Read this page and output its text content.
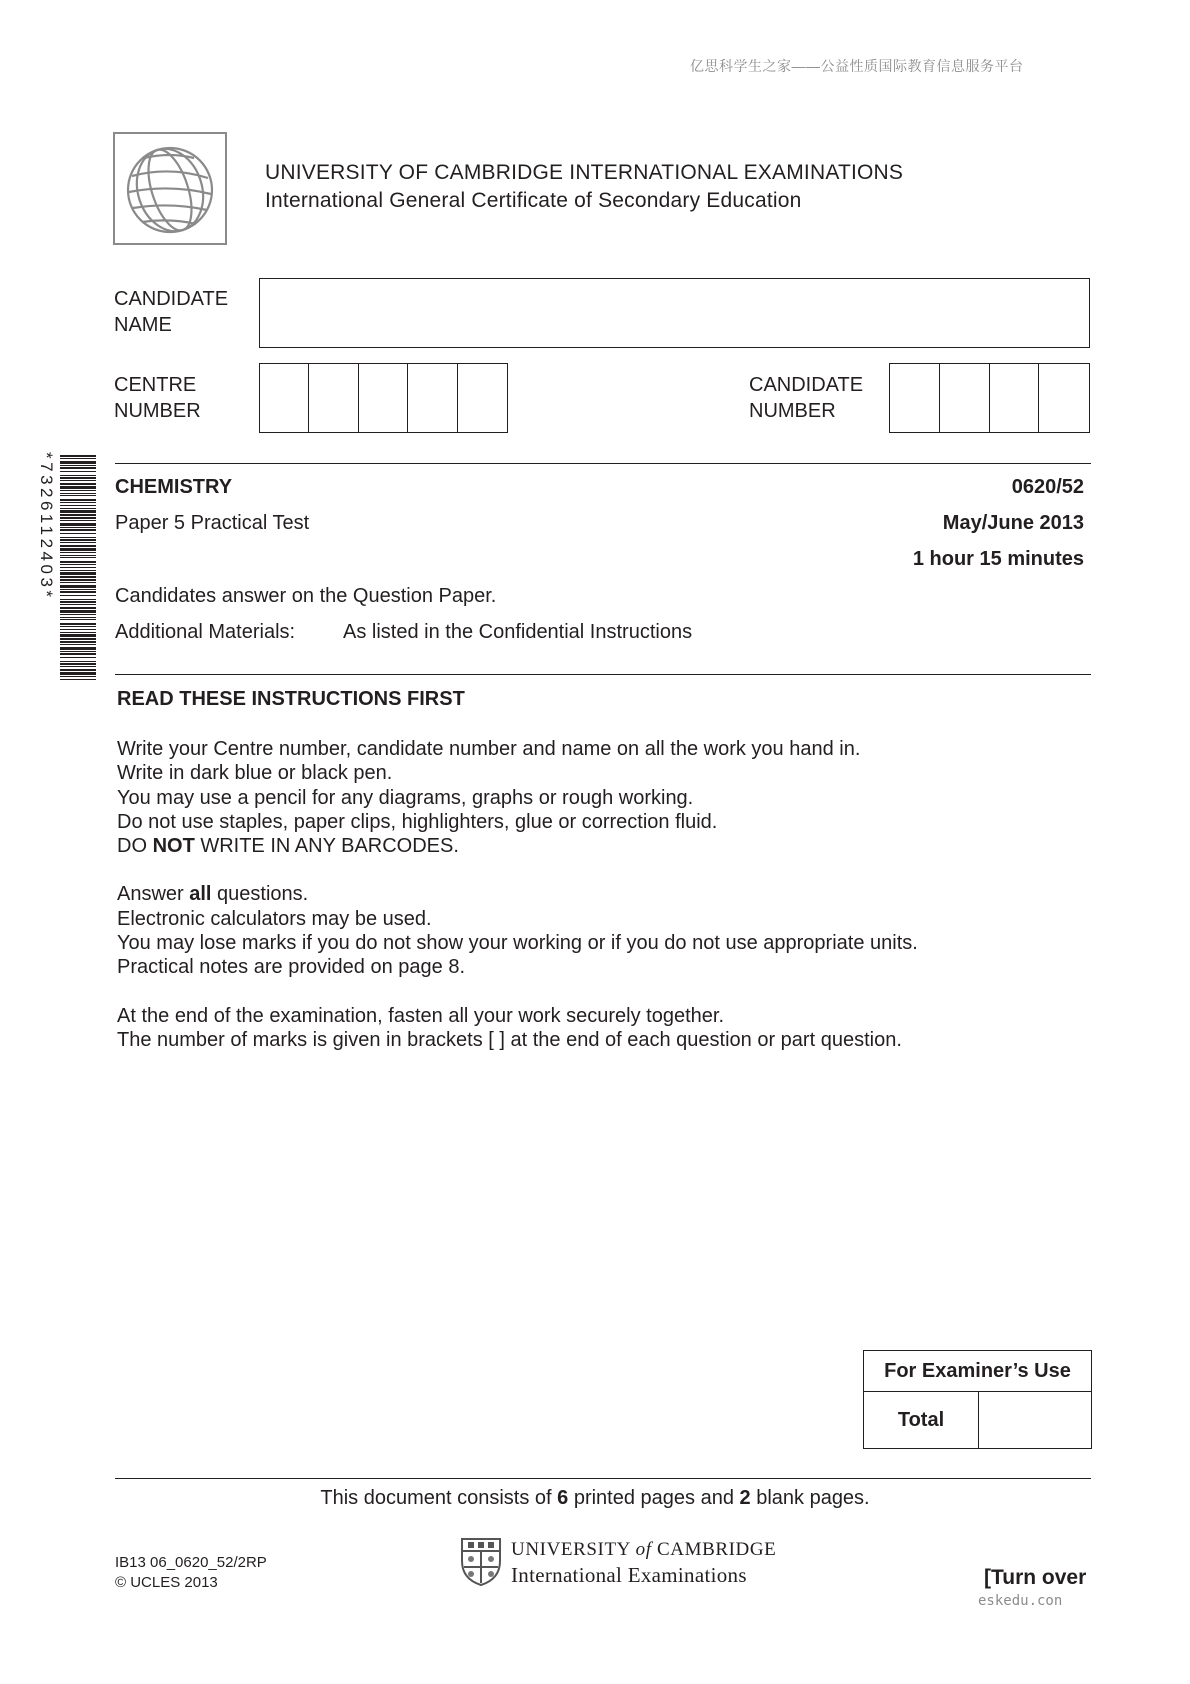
亿思科学生之家——公益性质国际教育信息服务平台
UNIVERSITY OF CAMBRIDGE INTERNATIONAL EXAMINATIONS
International General Certificate of Secondary Education
CANDIDATE
NAME
CENTRE
NUMBER
CANDIDATE
NUMBER
*7326112403*	CHEMISTRY	0620/52
Paper 5 Practical Test	May/June 2013
1 hour 15 minutes
Candidates answer on the Question Paper.
Additional Materials: As listed in the Confidential Instructions
READ THESE INSTRUCTIONS FIRST

Write your Centre number, candidate number and name on all the work you hand in.

Write in dark blue or black pen.

You may use a pencil for any diagrams, graphs or rough working.

Do not use staples, paper clips, highlighters, glue or correction fluid.

DO NOT WRITE IN ANY BARCODES.

Answer all questions.

Electronic calculators may be used.

You may lose marks if you do not show your working or if you do not use appropriate units.

Practical notes are provided on page 8.

At the end of the examination, fasten all your work securely together.

The number of marks is given in brackets [ ] at the end of each question or part question.

For Examiner’s Use
Total
This document consists of 6 printed pages and 2 blank pages.
IB13 06_0620_52/2RP
© UCLES 2013
UNIVERSITY of CAMBRIDGE
International Examinations	[Turn over
eskedu.con
